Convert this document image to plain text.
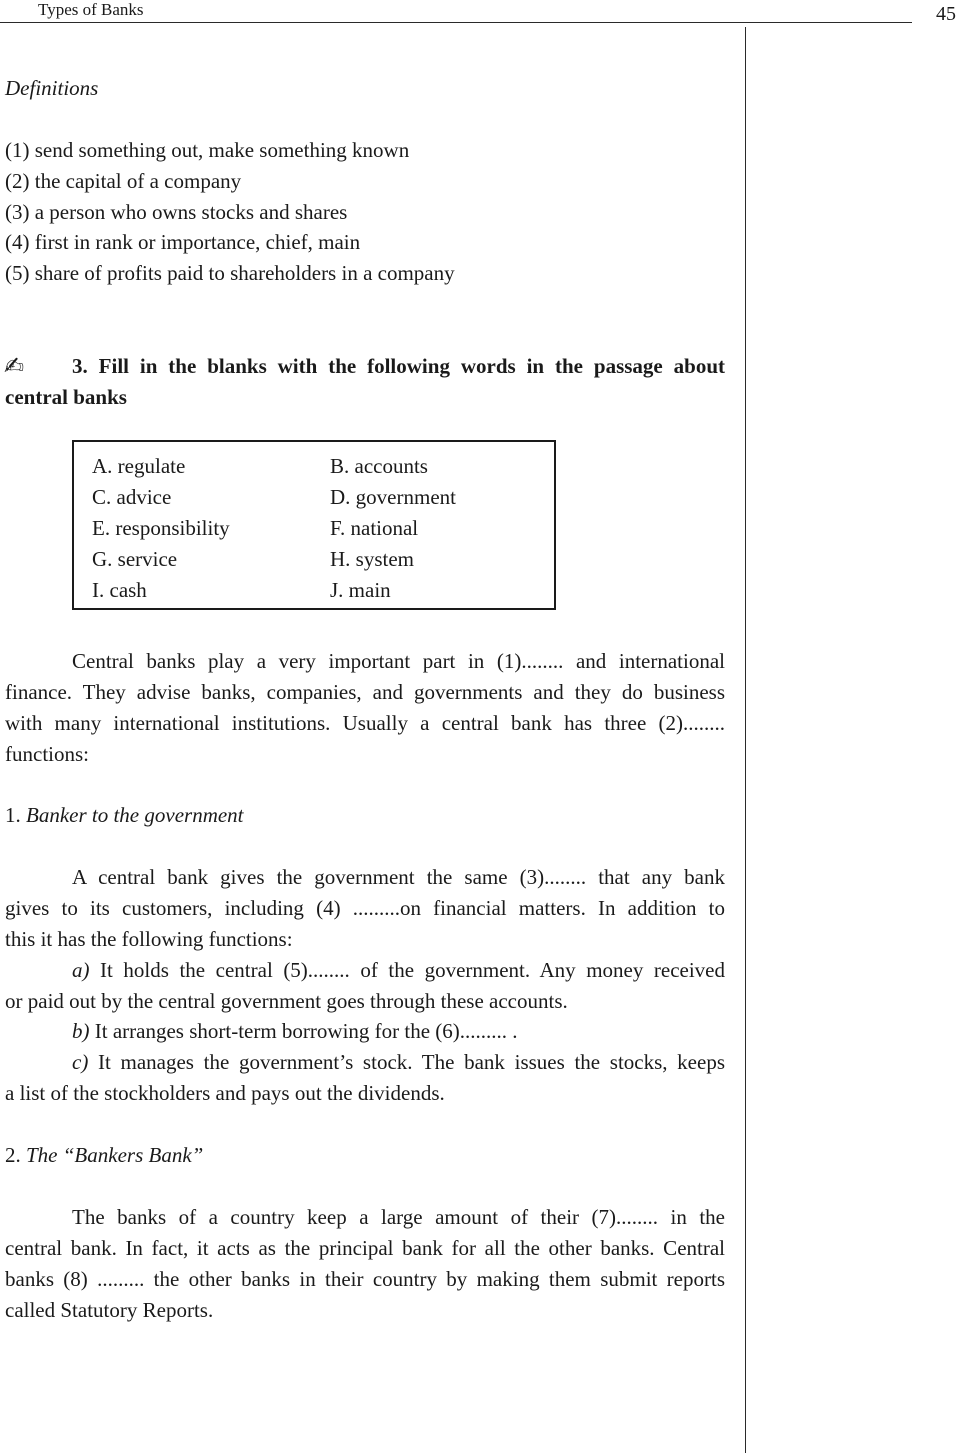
Types of Banks	45
Definitions
(1) send something out, make something known
(2) the capital of a company
(3) a person who owns stocks and shares
(4) first in rank or importance, chief, main
(5) share of profits paid to shareholders in a company
✍
3. Fill in the blanks with the following words in the passage about
central banks
A. regulate	B. accounts
C. advice	D. government
E. responsibility	F. national
G. service	H. system
I. cash	J. main
Central banks play a very important part in (1)........ and international
finance. They advise banks, companies, and governments and they do business
with many international institutions. Usually a central bank has three (2)........
functions:
1. Banker to the government
A central bank gives the government the same (3)........ that any bank
gives to its customers, including (4) .........on financial matters. In addition to
this it has the following functions:
a) It holds the central (5)........ of the government. Any money received
or paid out by the central government goes through these accounts.
b) It arranges short-term borrowing for the (6)......... .
c) It manages the government’s stock. The bank issues the stocks, keeps
a list of the stockholders and pays out the dividends.
2. The “Bankers Bank”
The banks of a country keep a large amount of their (7)........ in the
central bank. In fact, it acts as the principal bank for all the other banks. Central
banks (8) ......... the other banks in their country by making them submit reports
called Statutory Reports.
